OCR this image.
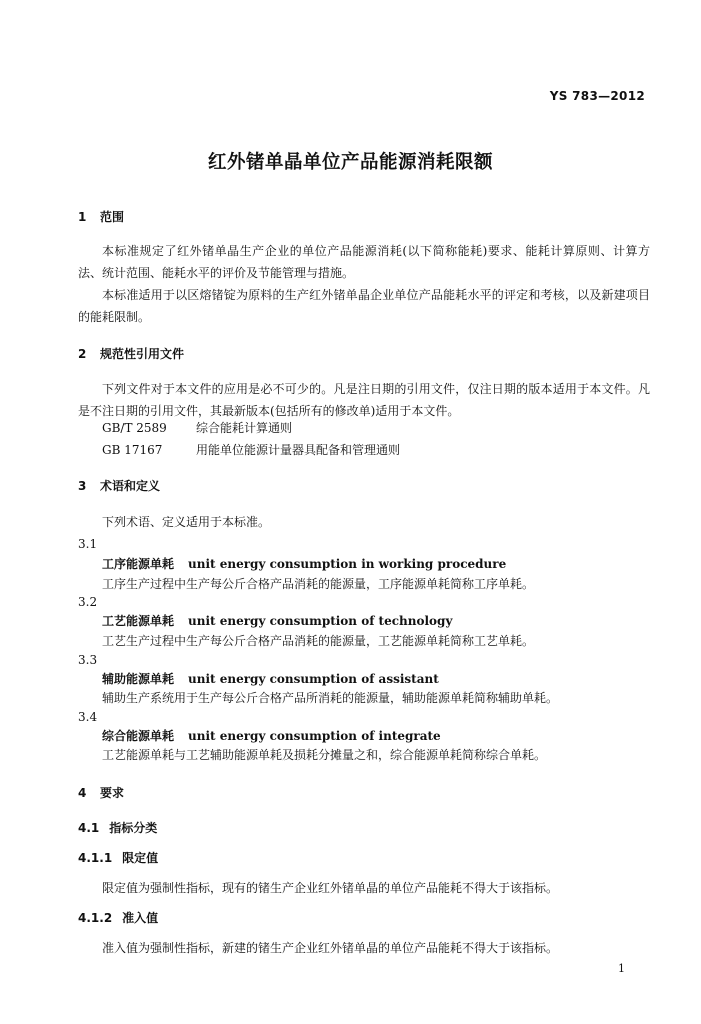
YS 783—2012
红外锗单晶单位产品能源消耗限额
1 范围
本标准规定了红外锗单晶生产企业的单位产品能源消耗(以下简称能耗)要求、能耗计算原则、计算方法、统计范围、能耗水平的评价及节能管理与措施。
本标准适用于以区熔锗锭为原料的生产红外锗单晶企业单位产品能耗水平的评定和考核，以及新建项目的能耗限制。
2 规范性引用文件
下列文件对于本文件的应用是必不可少的。凡是注日期的引用文件，仅注日期的版本适用于本文件。凡是不注日期的引用文件，其最新版本(包括所有的修改单)适用于本文件。
GB/T 2589 综合能耗计算通则
GB 17167	用能单位能源计量器具配备和管理通则
3 术语和定义
下列术语、定义适用于本标准。
3.1
工序能源单耗 unit energy consumption in working procedure
工序生产过程中生产每公斤合格产品消耗的能源量，工序能源单耗简称工序单耗。
3.2
工艺能源单耗 unit energy consumption of technology
工艺生产过程中生产每公斤合格产品消耗的能源量，工艺能源单耗简称工艺单耗。
3.3
辅助能源单耗 unit energy consumption of assistant
辅助生产系统用于生产每公斤合格产品所消耗的能源量，辅助能源单耗简称辅助单耗。
3.4
综合能源单耗 unit energy consumption of integrate
工艺能源单耗与工艺辅助能源单耗及损耗分摊量之和，综合能源单耗简称综合单耗。
4 要求
4.1 指标分类
4.1.1 限定值
限定值为强制性指标，现有的锗生产企业红外锗单晶的单位产品能耗不得大于该指标。
4.1.2 准入值
准入值为强制性指标，新建的锗生产企业红外锗单晶的单位产品能耗不得大于该指标。
1
